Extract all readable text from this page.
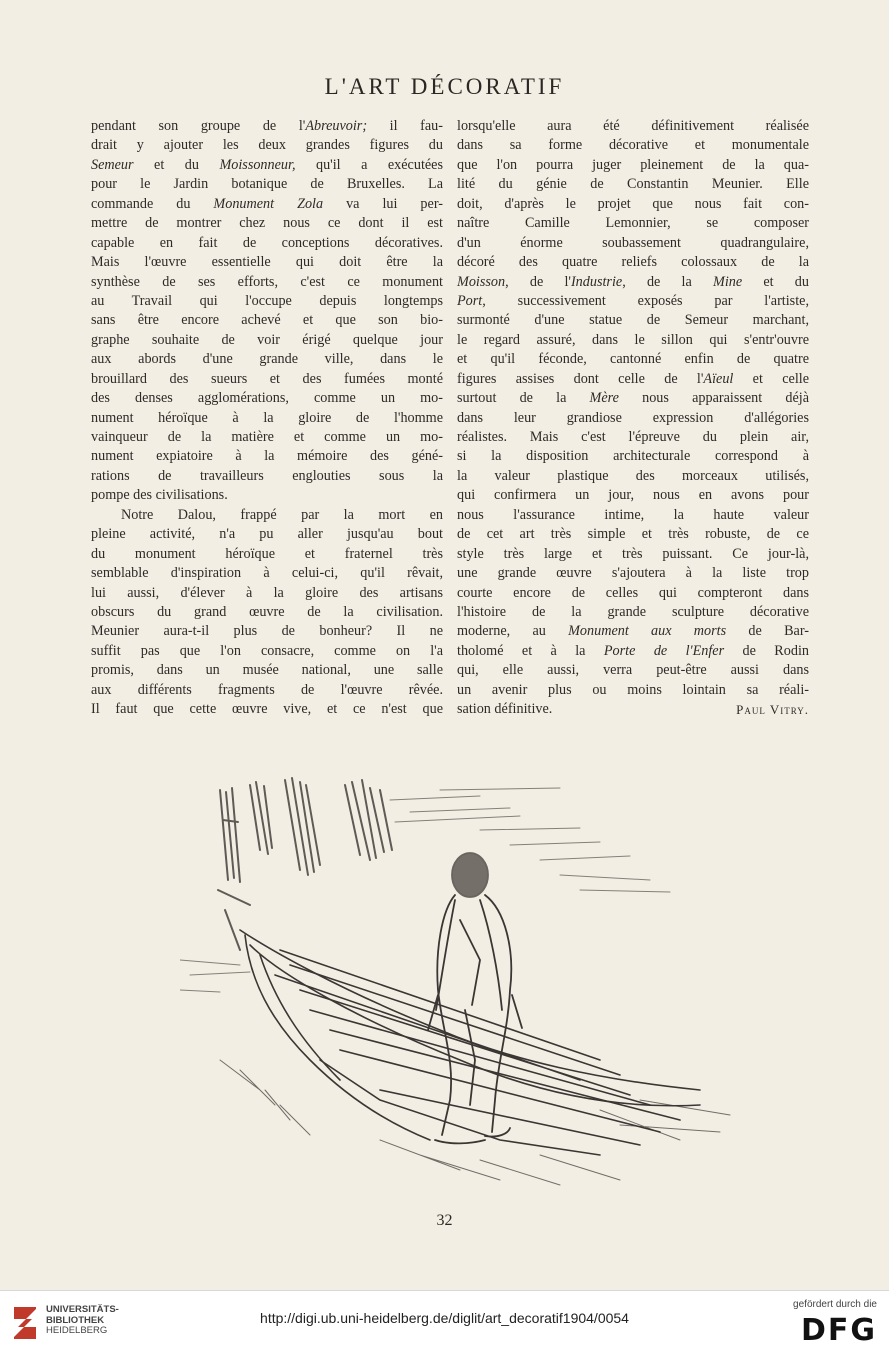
L'ART DÉCORATIF
pendant son groupe de l'Abreuvoir; il fau-
drait y ajouter les deux grandes figures du
Semeur et du Moissonneur, qu'il a exécutées
pour le Jardin botanique de Bruxelles. La
commande du Monument Zola va lui per-
mettre de montrer chez nous ce dont il est
capable en fait de conceptions décoratives.
Mais l'œuvre essentielle qui doit être la
synthèse de ses efforts, c'est ce monument
au Travail qui l'occupe depuis longtemps
sans être encore achevé et que son bio-
graphe souhaite de voir érigé quelque jour
aux abords d'une grande ville, dans le
brouillard des sueurs et des fumées monté
des denses agglomérations, comme un mo-
nument héroïque à la gloire de l'homme
vainqueur de la matière et comme un mo-
nument expiatoire à la mémoire des géné-
rations de travailleurs englouties sous la
pompe des civilisations.
Notre Dalou, frappé par la mort en
pleine activité, n'a pu aller jusqu'au bout
du monument héroïque et fraternel très
semblable d'inspiration à celui-ci, qu'il rêvait,
lui aussi, d'élever à la gloire des artisans
obscurs du grand œuvre de la civilisation.
Meunier aura-t-il plus de bonheur? Il ne
suffit pas que l'on consacre, comme on l'a
promis, dans un musée national, une salle
aux différents fragments de l'œuvre rêvée.
Il faut que cette œuvre vive, et ce n'est que
lorsqu'elle aura été définitivement réalisée
dans sa forme décorative et monumentale
que l'on pourra juger pleinement de la qua-
lité du génie de Constantin Meunier. Elle
doit, d'après le projet que nous fait con-
naître Camille Lemonnier, se composer
d'un énorme soubassement quadrangulaire,
décoré des quatre reliefs colossaux de la
Moisson, de l'Industrie, de la Mine et du
Port, successivement exposés par l'artiste,
surmonté d'une statue de Semeur marchant,
le regard assuré, dans le sillon qui s'entr'ouvre
et qu'il féconde, cantonné enfin de quatre
figures assises dont celle de l'Aïeul et celle
surtout de la Mère nous apparaissent déjà
dans leur grandiose expression d'allégories
réalistes. Mais c'est l'épreuve du plein air,
si la disposition architecturale correspond à
la valeur plastique des morceaux utilisés,
qui confirmera un jour, nous en avons pour
nous l'assurance intime, la haute valeur
de cet art très simple et très robuste, de ce
style très large et très puissant. Ce jour-là,
une grande œuvre s'ajoutera à la liste trop
courte encore de celles qui compteront dans
l'histoire de la grande sculpture décorative
moderne, au Monument aux morts de Bar-
tholomé et à la Porte de l'Enfer de Rodin
qui, elle aussi, verra peut-être aussi dans
un avenir plus ou moins lointain sa réali-
sation définitive.	Paul Vitry.
32
UNIVERSITÄTS-
BIBLIOTHEK
HEIDELBERG
http://digi.ub.uni-heidelberg.de/diglit/art_decoratif1904/0054
gefördert durch die
DFG
